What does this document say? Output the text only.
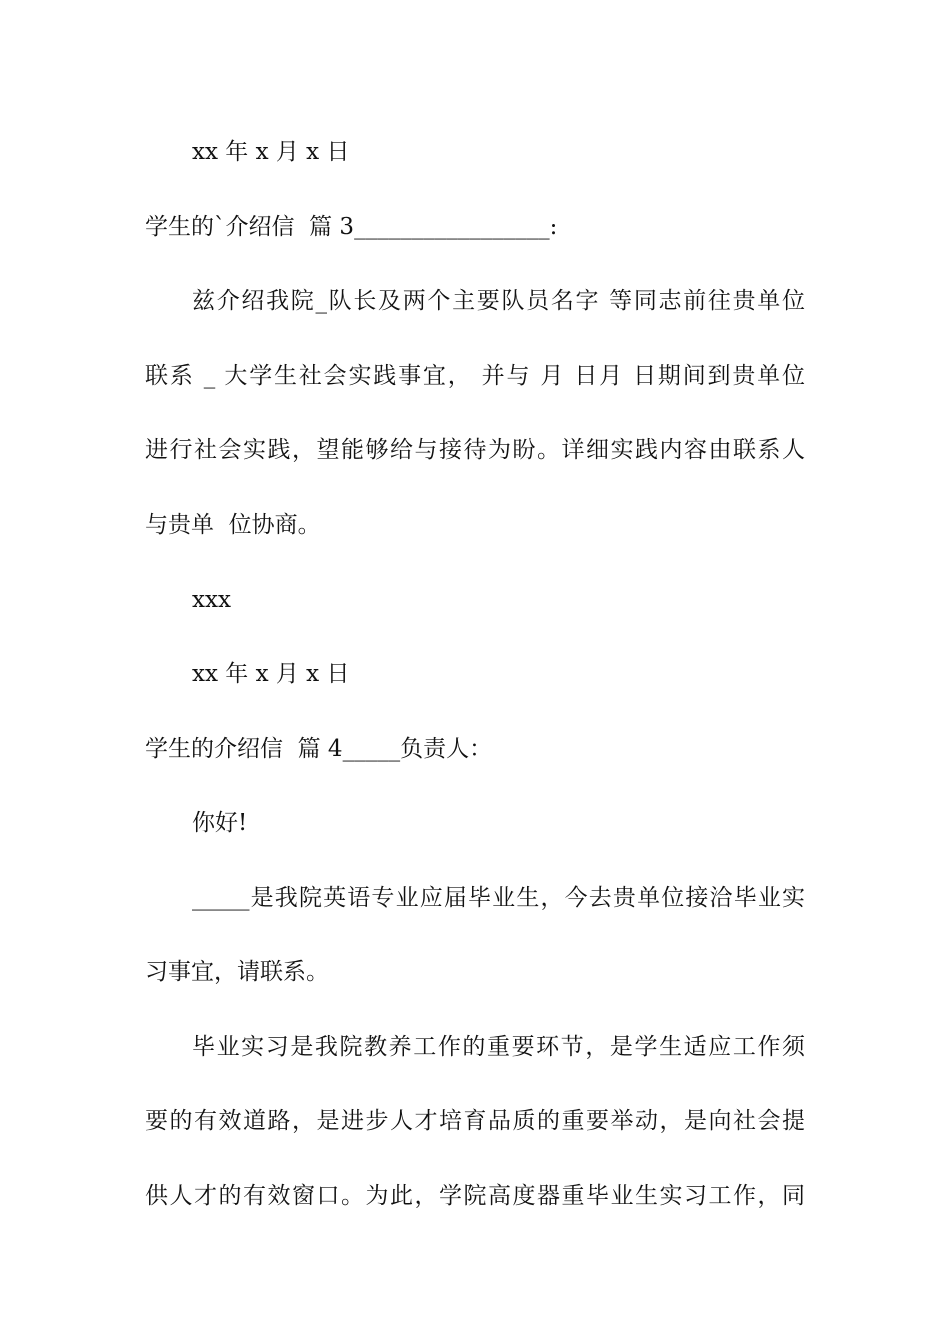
xx 年 x 月 x 日
学生的`介绍信  篇 3_________________:
兹介绍我院_队长及两个主要队员名字 等同志前往贵单位
联系 _ 大学生社会实践事宜， 并与 月 日月 日期间到贵单位
进行社会实践，望能够给与接待为盼。详细实践内容由联系人
与贵单  位协商。
xxx
xx 年 x 月 x 日
学生的介绍信  篇 4_____负责人：
你好!
_____是我院英语专业应届毕业生，今去贵单位接洽毕业实
习事宜，请联系。
毕业实习是我院教养工作的重要环节，是学生适应工作须
要的有效道路，是进步人才培育品质的重要举动，是向社会提
供人才的有效窗口。为此，学院高度器重毕业生实习工作，同
